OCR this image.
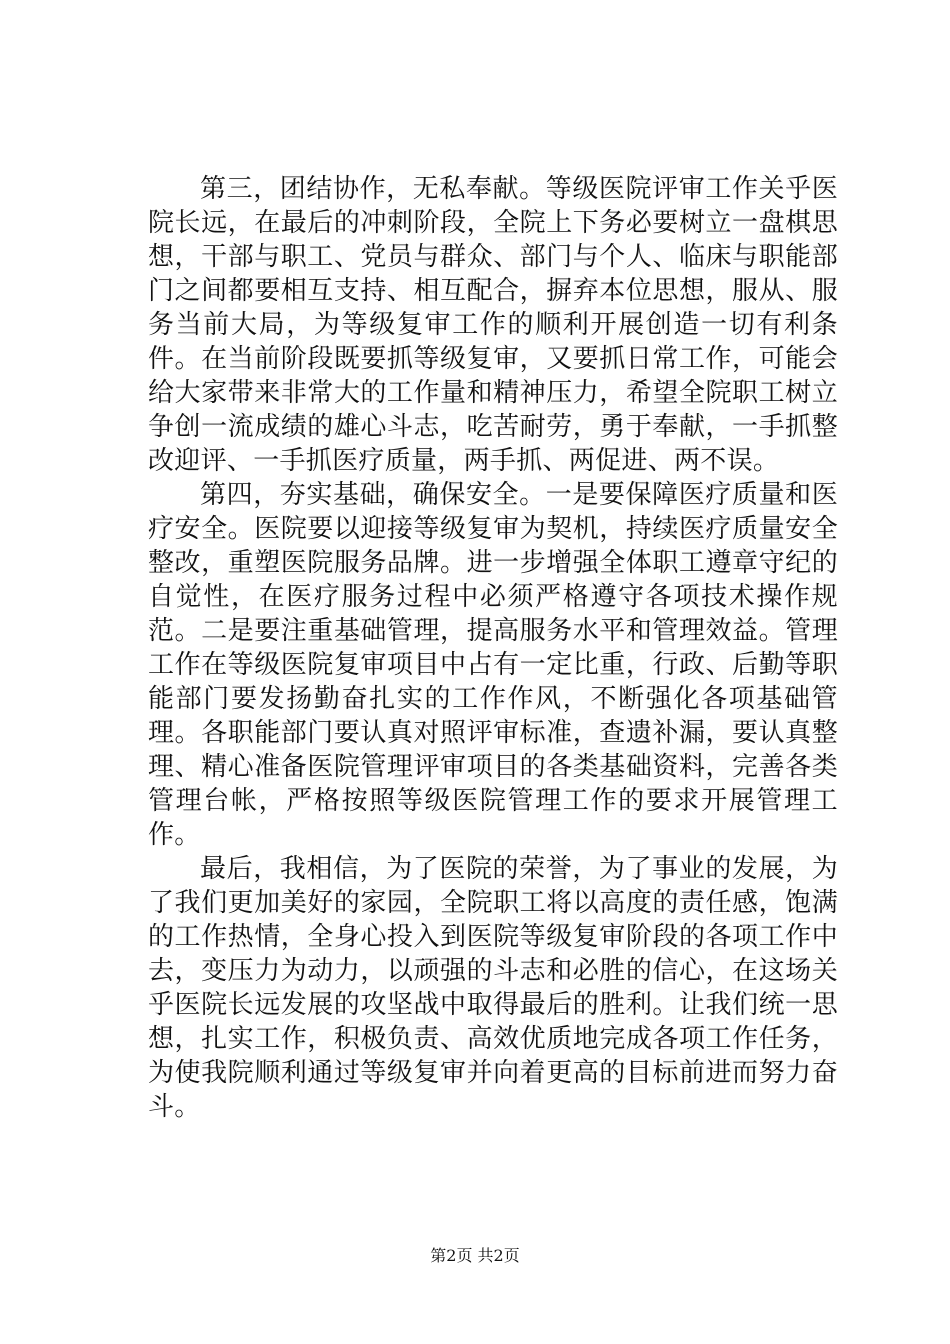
第三，团结协作，无私奉献。等级医院评审工作关乎医院长远，在最后的冲刺阶段，全院上下务必要树立一盘棋思想，干部与职工、党员与群众、部门与个人、临床与职能部门之间都要相互支持、相互配合，摒弃本位思想，服从、服务当前大局，为等级复审工作的顺利开展创造一切有利条件。在当前阶段既要抓等级复审，又要抓日常工作，可能会给大家带来非常大的工作量和精神压力，希望全院职工树立争创一流成绩的雄心斗志，吃苦耐劳，勇于奉献，一手抓整改迎评、一手抓医疗质量，两手抓、两促进、两不误。

第四，夯实基础，确保安全。一是要保障医疗质量和医疗安全。医院要以迎接等级复审为契机，持续医疗质量安全整改，重塑医院服务品牌。进一步增强全体职工遵章守纪的自觉性，在医疗服务过程中必须严格遵守各项技术操作规范。二是要注重基础管理，提高服务水平和管理效益。管理工作在等级医院复审项目中占有一定比重，行政、后勤等职能部门要发扬勤奋扎实的工作作风，不断强化各项基础管理。各职能部门要认真对照评审标准，查遗补漏，要认真整理、精心准备医院管理评审项目的各类基础资料，完善各类管理台帐，严格按照等级医院管理工作的要求开展管理工作。

最后，我相信，为了医院的荣誉，为了事业的发展，为了我们更加美好的家园，全院职工将以高度的责任感，饱满的工作热情，全身心投入到医院等级复审阶段的各项工作中去，变压力为动力，以顽强的斗志和必胜的信心，在这场关乎医院长远发展的攻坚战中取得最后的胜利。让我们统一思想，扎实工作，积极负责、高效优质地完成各项工作任务，为使我院顺利通过等级复审并向着更高的目标前进而努力奋斗。

第2页 共2页
